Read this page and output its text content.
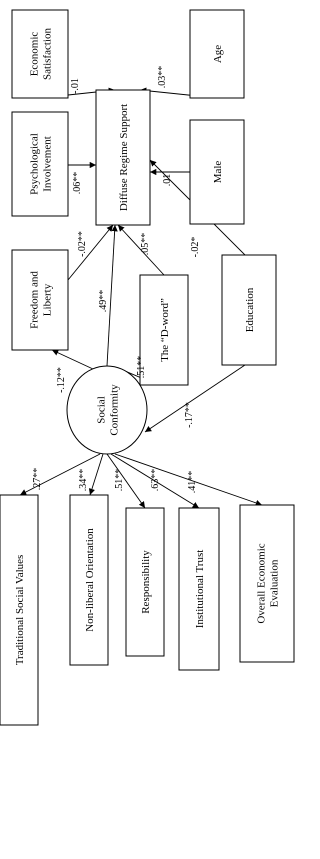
EconomicSatisfaction	Age
PsychologicalInvolvement	Diffuse Regime Support	Male
Freedom andLiberty	The “D-word”	Education
SocialConformity
Traditional Social Values	Non-liberal Orientation	Responsibility	Institutional Trust	Overall EconomicEvaluation
-.01	.03**
.06**	.01
-.02**	.05**
.49**
-.02*
-.12**
.51**
-.17**
.27**	.34**	.51**	.63**	.41**
